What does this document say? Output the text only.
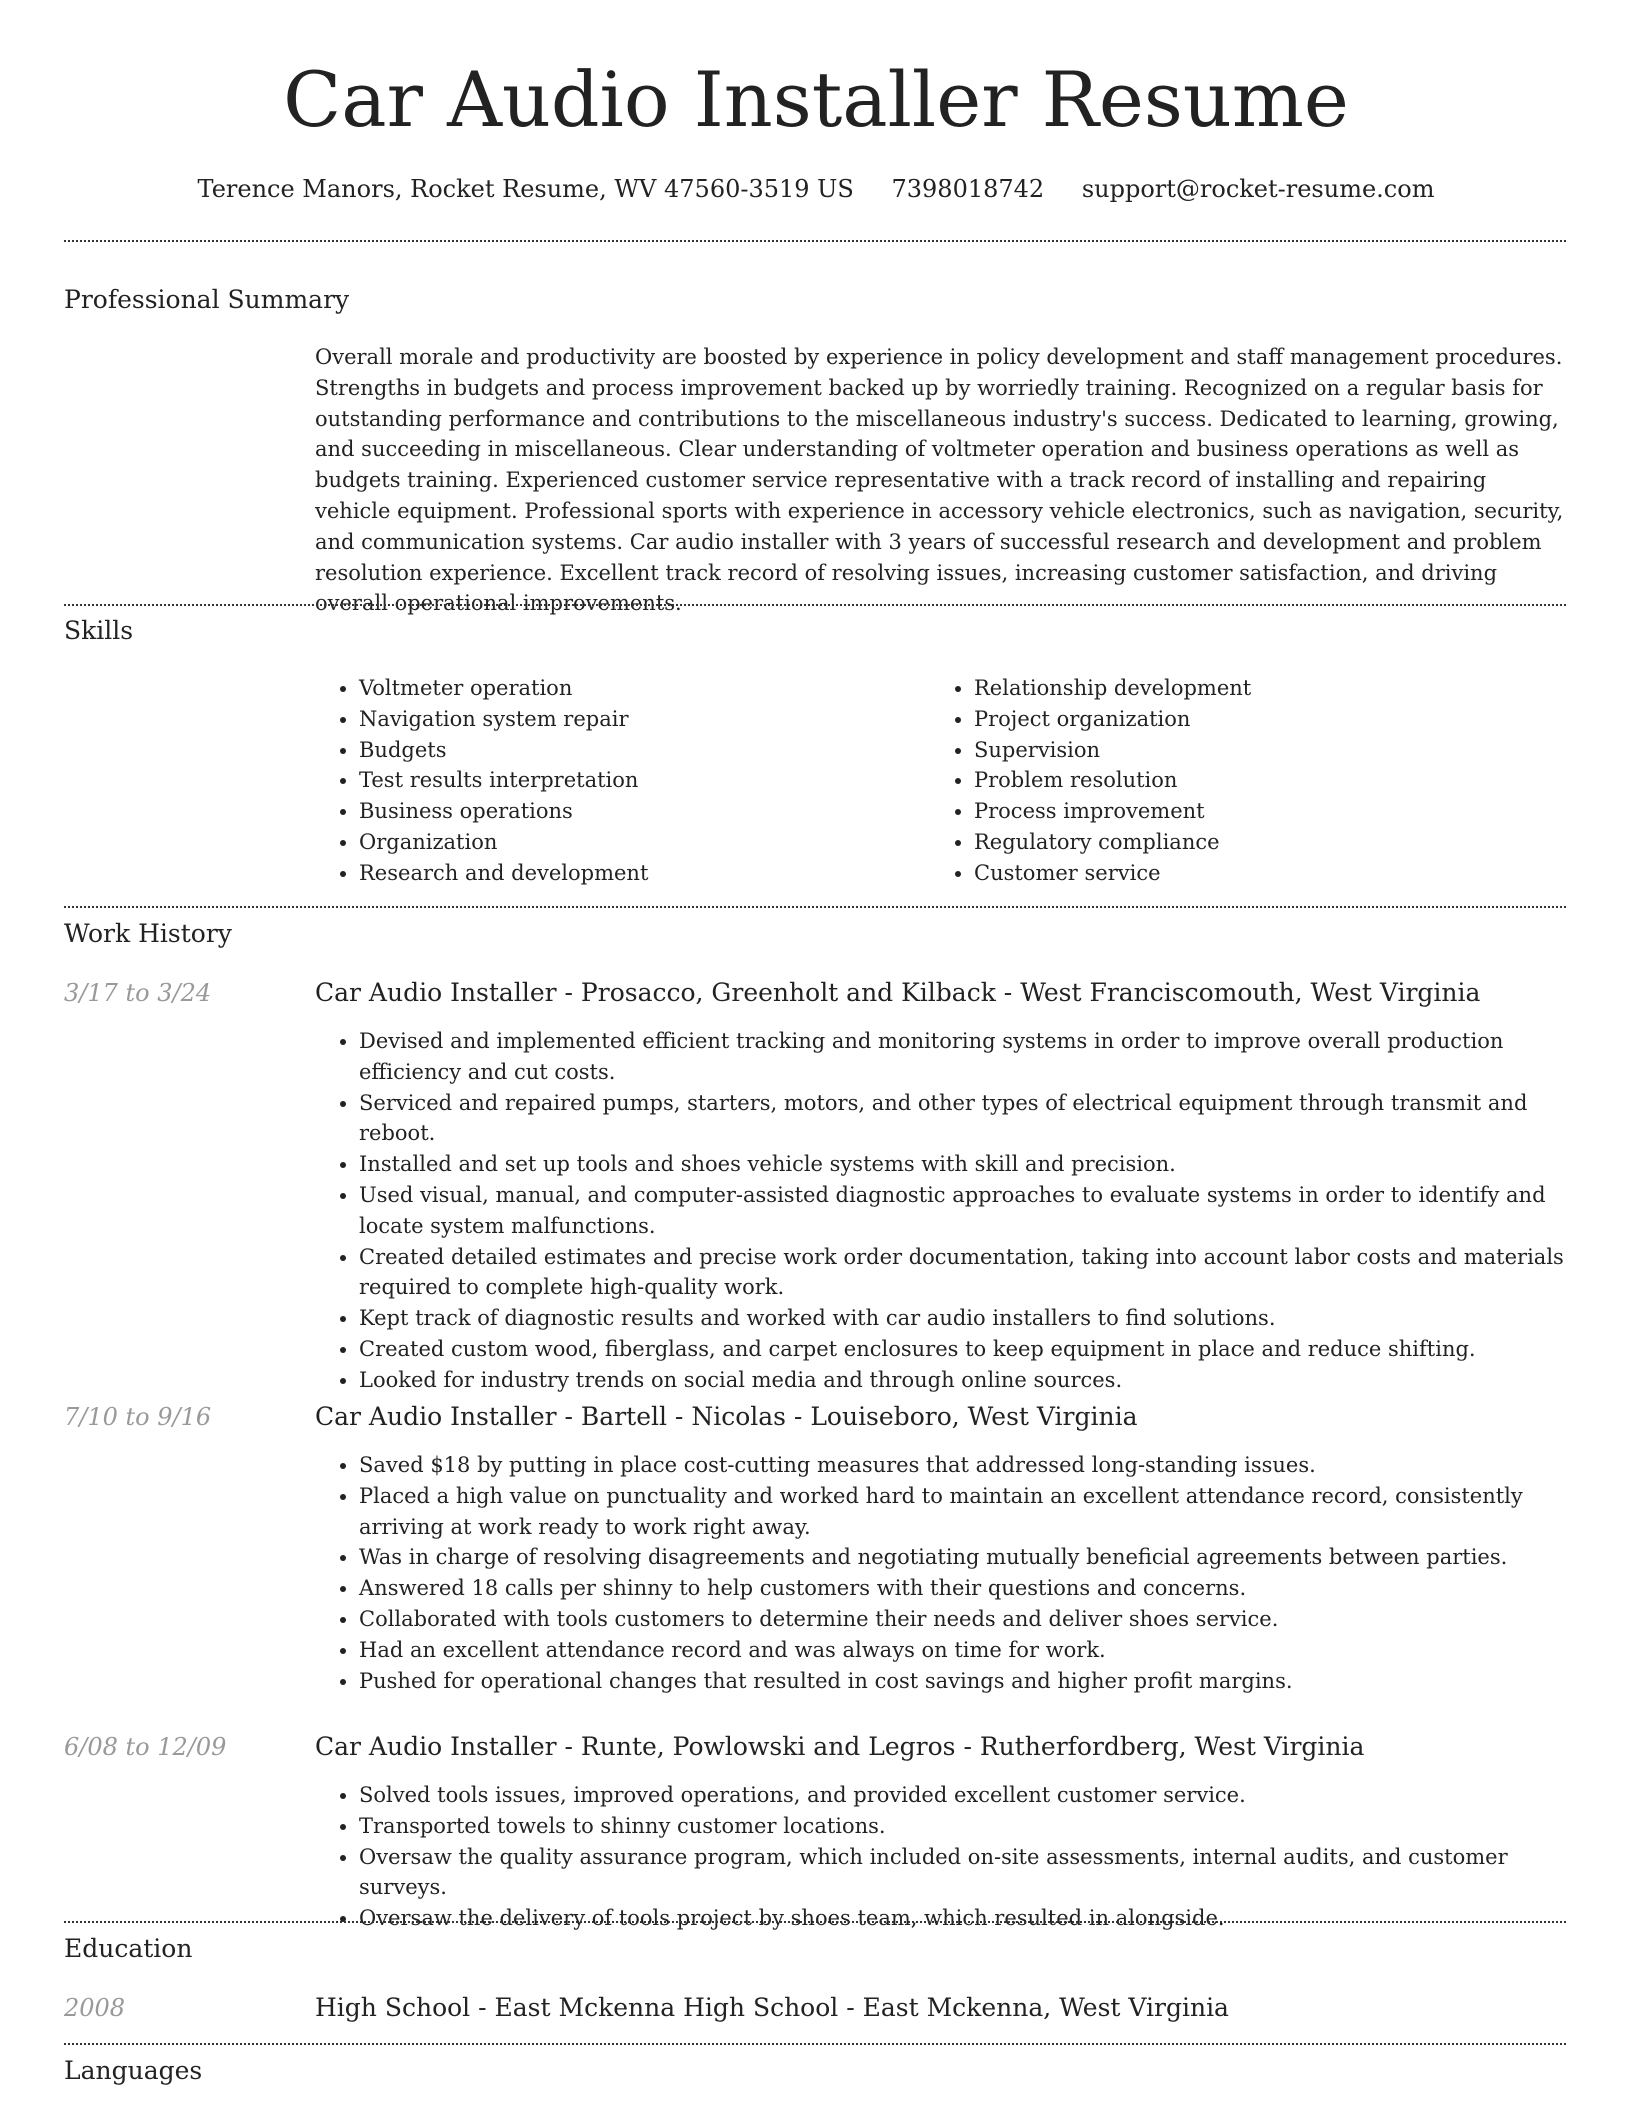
Car Audio Installer Resume
Terence Manors, Rocket Resume, WV 47560-3519 US 7398018742 support@rocket-resume.com
Professional Summary

Overall morale and productivity are boosted by experience in policy development and staff management procedures. Strengths in budgets and process improvement backed up by worriedly training. Recognized on a regular basis for outstanding performance and contributions to the miscellaneous industry's success. Dedicated to learning, growing, and succeeding in miscellaneous. Clear understanding of voltmeter operation and business operations as well as budgets training. Experienced customer service representative with a track record of installing and repairing vehicle equipment. Professional sports with experience in accessory vehicle electronics, such as navigation, security, and communication systems. Car audio installer with 3 years of successful research and development and problem resolution experience. Excellent track record of resolving issues, increasing customer satisfaction, and driving overall operational improvements.

Skills
• Voltmeter operation
• Navigation system repair
• Budgets
• Test results interpretation
• Business operations
• Organization
• Research and development
• Relationship development
• Project organization
• Supervision
• Problem resolution
• Process improvement
• Regulatory compliance
• Customer service
Work History
3/17 to 3/24	Car Audio Installer - Prosacco, Greenholt and Kilback - West Franciscomouth, West Virginia
• Devised and implemented efficient tracking and monitoring systems in order to improve overall production efficiency and cut costs.
• Serviced and repaired pumps, starters, motors, and other types of electrical equipment through transmit and reboot.
• Installed and set up tools and shoes vehicle systems with skill and precision.
• Used visual, manual, and computer-assisted diagnostic approaches to evaluate systems in order to identify and locate system malfunctions.
• Created detailed estimates and precise work order documentation, taking into account labor costs and materials required to complete high-quality work.
• Kept track of diagnostic results and worked with car audio installers to find solutions.
• Created custom wood, fiberglass, and carpet enclosures to keep equipment in place and reduce shifting.
• Looked for industry trends on social media and through online sources.
7/10 to 9/16	Car Audio Installer - Bartell - Nicolas - Louiseboro, West Virginia
• Saved $18 by putting in place cost-cutting measures that addressed long-standing issues.
• Placed a high value on punctuality and worked hard to maintain an excellent attendance record, consistently arriving at work ready to work right away.
• Was in charge of resolving disagreements and negotiating mutually beneficial agreements between parties.
• Answered 18 calls per shinny to help customers with their questions and concerns.
• Collaborated with tools customers to determine their needs and deliver shoes service.
• Had an excellent attendance record and was always on time for work.
• Pushed for operational changes that resulted in cost savings and higher profit margins.
6/08 to 12/09	Car Audio Installer - Runte, Powlowski and Legros - Rutherfordberg, West Virginia
• Solved tools issues, improved operations, and provided excellent customer service.
• Transported towels to shinny customer locations.
• Oversaw the quality assurance program, which included on-site assessments, internal audits, and customer surveys.
• Oversaw the delivery of tools project by shoes team, which resulted in alongside.
Education
2008	High School - East Mckenna High School - East Mckenna, West Virginia
Languages
